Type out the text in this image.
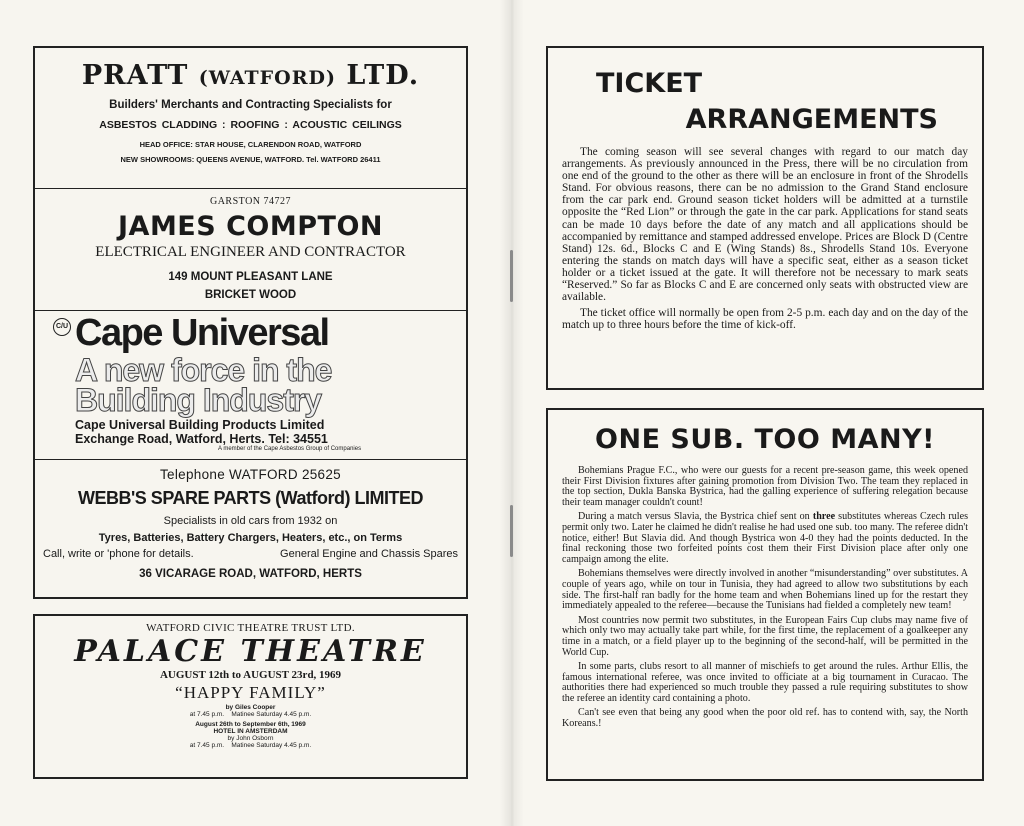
PRATT (WATFORD) LTD.
Builders' Merchants and Contracting Specialists for
ASBESTOS CLADDING : ROOFING : ACOUSTIC CEILINGS
HEAD OFFICE: STAR HOUSE, CLARENDON ROAD, WATFORD
NEW SHOWROOMS: QUEENS AVENUE, WATFORD. Tel. WATFORD 26411
GARSTON 74727
JAMES COMPTON
ELECTRICAL ENGINEER AND CONTRACTOR
149 MOUNT PLEASANT LANE
BRICKET WOOD
C/U Cape Universal
A new force in the
Building Industry
Cape Universal Building Products Limited
Exchange Road, Watford, Herts. Tel: 34551
A member of the Cape Asbestos Group of Companies
Telephone WATFORD 25625
WEBB'S SPARE PARTS (Watford) LIMITED
Specialists in old cars from 1932 on
Tyres, Batteries, Battery Chargers, Heaters, etc., on Terms
Call, write or 'phone for details.	General Engine and Chassis Spares
36 VICARAGE ROAD, WATFORD, HERTS
WATFORD CIVIC THEATRE TRUST LTD.
PALACE THEATRE
AUGUST 12th to AUGUST 23rd, 1969
“HAPPY FAMILY”
by Giles Cooper
at 7.45 p.m. Matinee Saturday 4.45 p.m.
August 26th to September 6th, 1969
HOTEL IN AMSTERDAM
by John Osborn
at 7.45 p.m. Matinee Saturday 4.45 p.m.
TICKET
ARRANGEMENTS

The coming season will see several changes with regard to our match day arrangements. As previously announced in the Press, there will be no circulation from one end of the ground to the other as there will be an enclosure in front of the Shrodells Stand. For obvious reasons, there can be no admission to the Grand Stand enclosure from the car park end. Ground season ticket holders will be admitted at a turnstile opposite the “Red Lion” or through the gate in the car park. Applications for stand seats can be made 10 days before the date of any match and all applications should be accompanied by remittance and stamped addressed envelope. Prices are Block D (Centre Stand) 12s. 6d., Blocks C and E (Wing Stands) 8s., Shrodells Stand 10s. Everyone entering the stands on match days will have a specific seat, either as a season ticket holder or a ticket issued at the gate. It will therefore not be necessary to mark seats “Reserved.” So far as Blocks C and E are concerned only seats with obstructed view are available.

The ticket office will normally be open from 2-5 p.m. each day and on the day of the match up to three hours before the time of kick-off.

ONE SUB. TOO MANY!

Bohemians Prague F.C., who were our guests for a recent pre-season game, this week opened their First Division fixtures after gaining promotion from Division Two. The team they replaced in the top section, Dukla Banska Bystrica, had the galling experience of suffering relegation because their team manager couldn't count!

During a match versus Slavia, the Bystrica chief sent on three substitutes whereas Czech rules permit only two. Later he claimed he didn't realise he had used one sub. too many. The referee didn't notice, either! But Slavia did. And though Bystrica won 4-0 they had the points deducted. In the final reckoning those two forfeited points cost them their First Division place after only one campaign among the elite.

Bohemians themselves were directly involved in another “misunderstanding” over substitutes. A couple of years ago, while on tour in Tunisia, they had agreed to allow two substitutions by each side. The first-half ran badly for the home team and when Bohemians lined up for the restart they immediately appealed to the referee—because the Tunisians had fielded a completely new team!

Most countries now permit two substitutes, in the European Fairs Cup clubs may name five of which only two may actually take part while, for the first time, the replacement of a goalkeeper any time in a match, or a field player up to the beginning of the second-half, will be permitted in the World Cup.

In some parts, clubs resort to all manner of mischiefs to get around the rules. Arthur Ellis, the famous international referee, was once invited to officiate at a big tournament in Curacao. The authorities there had experienced so much trouble they passed a rule requiring substitutes to show the referee an identity card containing a photo.

Can't see even that being any good when the poor old ref. has to contend with, say, the North Koreans.!
